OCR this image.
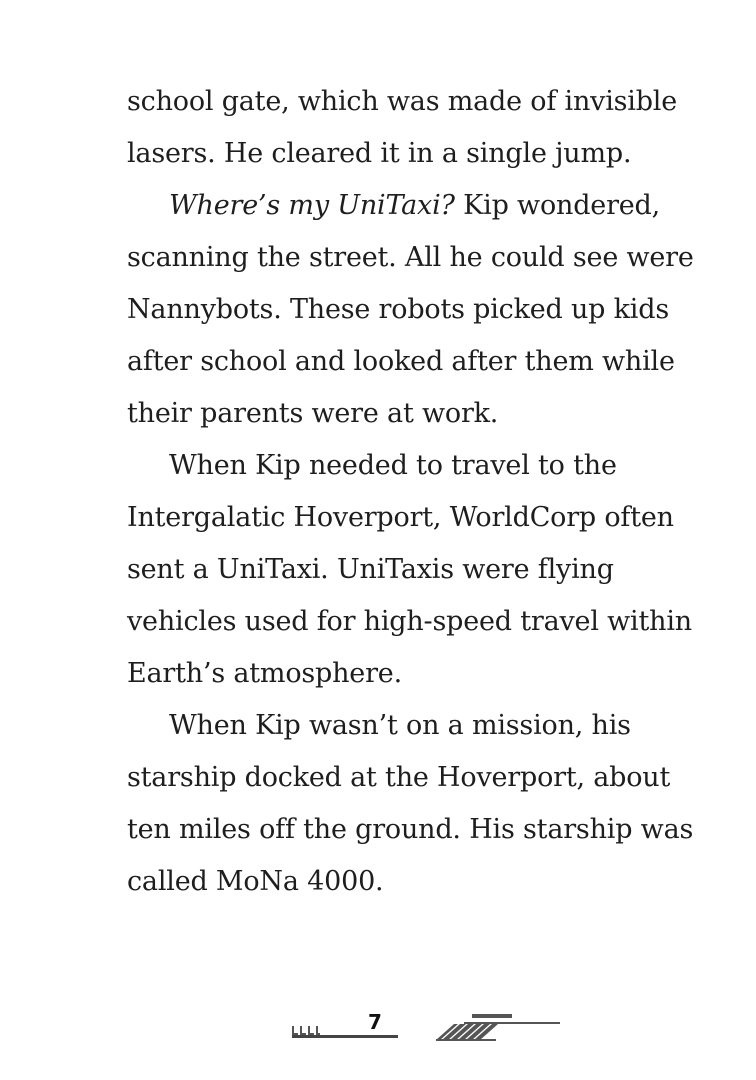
school gate, which was made of invisible
lasers. He cleared it in a single jump.
Where’s my UniTaxi? Kip wondered,
scanning the street. All he could see were
Nannybots. These robots picked up kids
after school and looked after them while
their parents were at work.
When Kip needed to travel to the
Intergalatic Hoverport, WorldCorp often
sent a UniTaxi. UniTaxis were flying
vehicles used for high-speed travel within
Earth’s atmosphere.
When Kip wasn’t on a mission, his
starship docked at the Hoverport, about
ten miles off the ground. His starship was
called MoNa 4000.
7
